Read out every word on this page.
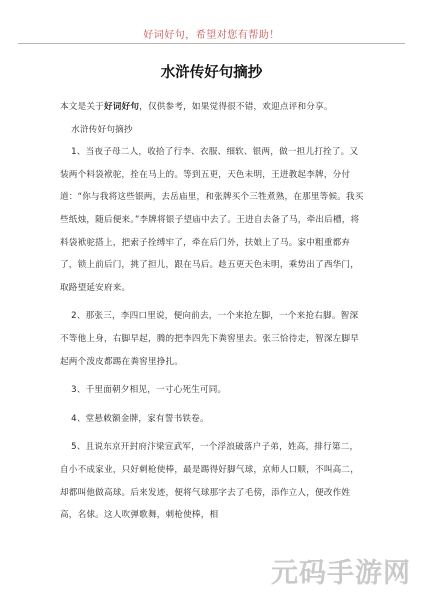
好词好句，希望对您有帮助！
水浒传好句摘抄

本文是关于好词好句，仅供参考，如果觉得很不错，欢迎点评和分享。

水浒传好句摘抄

1、当夜子母二人，收拾了行李、衣服、细软、银两，做一担儿打拴了。又装两个料袋袱驼，拴在马上的。等到五更，天色未明，王进教起李牌，分付道：“你与我将这些银两，去岳庙里，和张牌买个三牲煮熟，在那里等候。我买些纸烛，随后便来。”李牌将银子望庙中去了。王进自去备了马，牵出后槽，将料袋袱驼搭上，把索子拴缚牢了，牵在后门外，扶娘上了马。家中粗重都弃了，锁上前后门，挑了担儿，跟在马后。趁五更天色未明，乘势出了西华门，取路望延安府来。

2、那张三，李四口里说，便向前去，一个来抢左脚，一个来抢右脚。智深不等他上身，右脚早起，腾的把李四先下粪窖里去。张三恰待走，智深左脚早起两个泼皮都踢在粪窖里挣扎。

3、千里面朝夕相见，一寸心死生可同。

4、堂悬敕额金牌，家有誓书铁卷。

5、且说东京开封府汴梁宣武军，一个浮浪破落户子弟，姓高，排行第二，自小不成家业，只好刺枪使棒，最是踢得好脚气球，京师人口顺，不叫高二，却都叫他做高球。后来发迹，便将气球那字去了毛傍，添作立人，便改作姓高，名俅。这人吹弹歌舞，刺枪使棒，相

元码手游网
